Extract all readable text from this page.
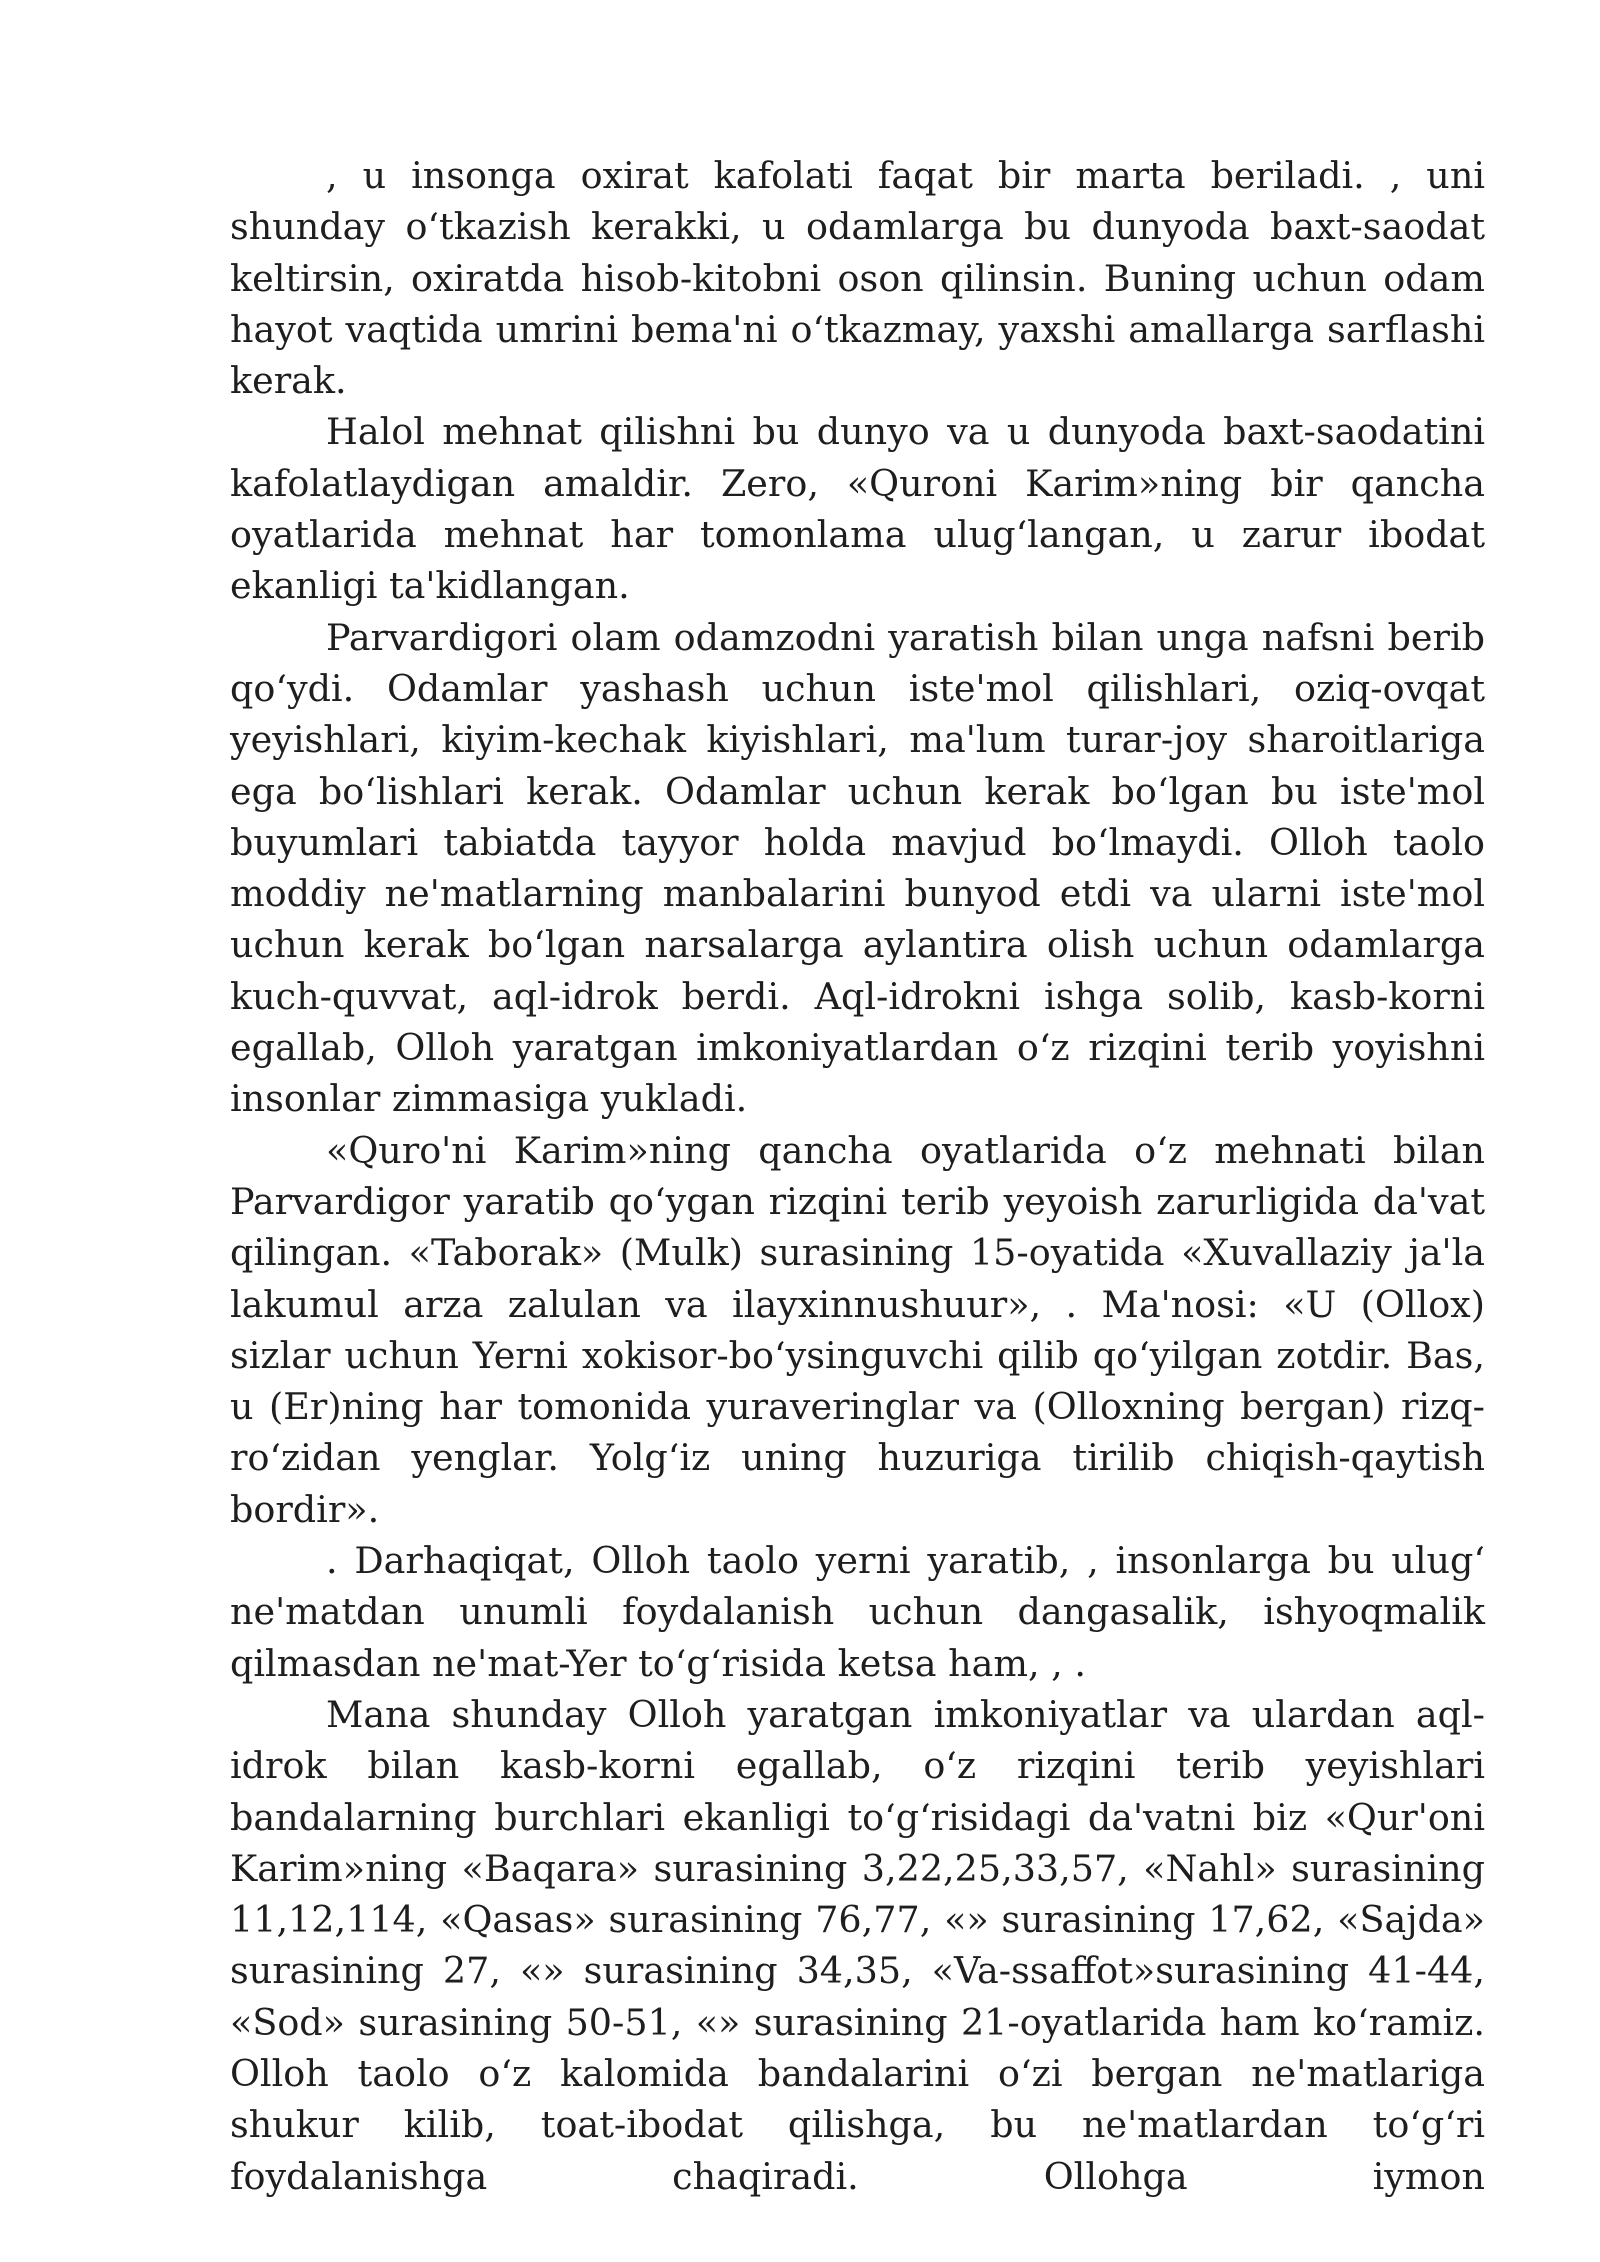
, u insonga oxirat kafolati faqat bir marta beriladi. , uni shunday o‘tkazish kerakki, u odamlarga bu dunyoda baxt-saodat keltirsin, oxiratda hisob-kitobni oson qilinsin. Buning uchun odam hayot vaqtida umrini bema'ni o‘tkazmay, yaxshi amallarga sarflashi kerak.

Halol mehnat qilishni bu dunyo va u dunyoda baxt-saodatini kafolatlaydigan amaldir. Zero, «Quroni Karim»ning bir qancha oyatlarida mehnat har tomonlama ulug‘langan, u zarur ibodat ekanligi ta'kidlangan.

Parvardigori olam odamzodni yaratish bilan unga nafsni berib qo‘ydi. Odamlar yashash uchun iste'mol qilishlari, oziq-ovqat yeyishlari, kiyim-kechak kiyishlari, ma'lum turar-joy sharoitlariga ega bo‘lishlari kerak. Odamlar uchun kerak bo‘lgan bu iste'mol buyumlari tabiatda tayyor holda mavjud bo‘lmaydi. Olloh taolo moddiy ne'matlarning manbalarini bunyod etdi va ularni iste'mol uchun kerak bo‘lgan narsalarga aylantira olish uchun odamlarga kuch-quvvat, aql-idrok berdi. Aql-idrokni ishga solib, kasb-korni egallab, Olloh yaratgan imkoniyatlardan o‘z rizqini terib yoyishni insonlar zimmasiga yukladi.

«Quro'ni Karim»ning qancha oyatlarida o‘z mehnati bilan Parvardigor yaratib qo‘ygan rizqini terib yeyoish zarurligida da'vat qilingan. «Taborak» (Mulk) surasining 15-oyatida «Xuvallaziy ja'la lakumul arza zalulan va ilayxinnushuur», . Ma'nosi: «U (Ollox) sizlar uchun Yerni xokisor-bo‘ysinguvchi qilib qo‘yilgan zotdir. Bas, u (Er)ning har tomonida yuraveringlar va (Olloxning bergan) rizq-ro‘zidan yenglar. Yolg‘iz uning huzuriga tirilib chiqish-qaytish bordir».

. Darhaqiqat, Olloh taolo yerni yaratib, , insonlarga bu ulug‘ ne'matdan unumli foydalanish uchun dangasalik, ishyoqmalik qilmasdan ne'mat-Yer to‘g‘risida ketsa ham, , .

Mana shunday Olloh yaratgan imkoniyatlar va ulardan aql-idrok bilan kasb-korni egallab, o‘z rizqini terib yeyishlari bandalarning burchlari ekanligi to‘g‘risidagi da'vatni biz «Qur'oni Karim»ning «Baqara» surasining 3,22,25,33,57, «Nahl» surasining 11,12,114, «Qasas» surasining 76,77, «» surasining 17,62, «Sajda» surasining 27, «» surasining 34,35, «Va-ssaffot»surasining 41-44, «Sod» surasining 50-51, «» surasining 21-oyatlarida ham ko‘ramiz. Olloh taolo o‘z kalomida bandalarini o‘zi bergan ne'matlariga shukur kilib, toat-ibodat qilishga, bu ne'matlardan to‘g‘ri foydalanishga chaqiradi. Ollohga iymon
